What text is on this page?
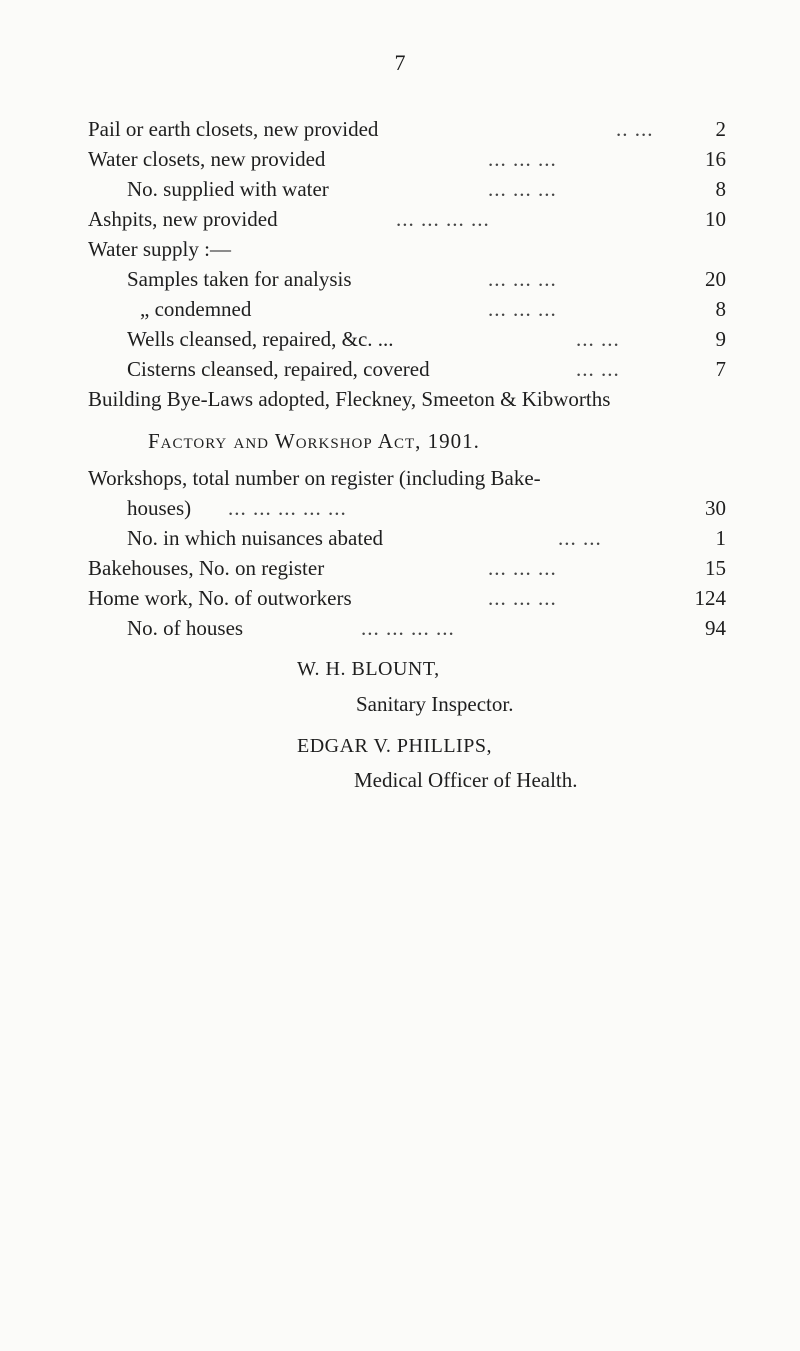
7
Pail or earth closets, new provided	.. ...	2
Water closets, new provided	... ... ...	16
No. supplied with water	... ... ...	8
Ashpits, new provided	... ... ... ...	10
Water supply :—
Samples taken for analysis	... ... ...	20
„ condemned	... ... ...	8
Wells cleansed, repaired, &c. ...	... ...	9
Cisterns cleansed, repaired, covered	... ...	7
Building Bye-Laws adopted, Fleckney, Smeeton & Kibworths
Factory and Workshop Act, 1901.
Workshops, total number on register (including Bake-
houses) ... ... ... ... ...	30
No. in which nuisances abated	... ...	1
Bakehouses, No. on register	... ... ...	15
Home work, No. of outworkers	... ... ...	124
No. of houses	... ... ... ...	94
W. H. BLOUNT,
Sanitary Inspector.
EDGAR V. PHILLIPS,
Medical Officer of Health.
